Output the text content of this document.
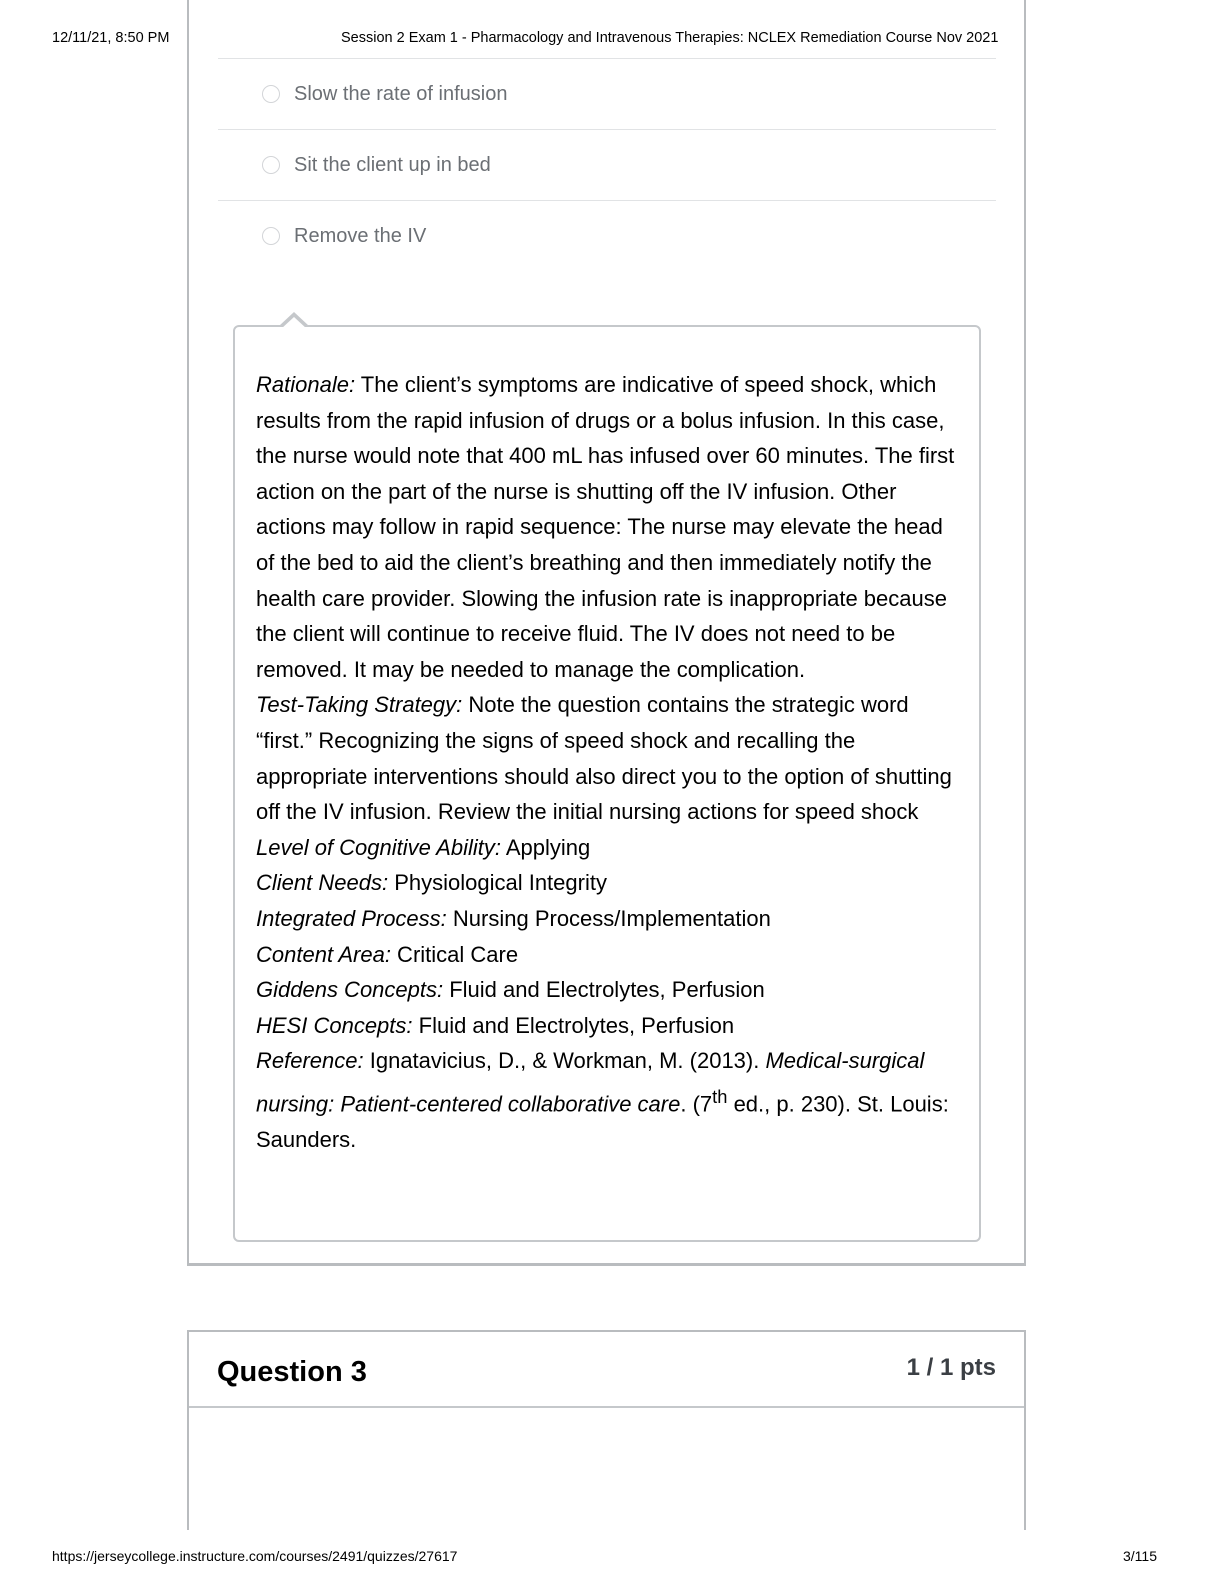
12/11/21, 8:50 PM	Session 2 Exam 1 - Pharmacology and Intravenous Therapies: NCLEX Remediation Course Nov 2021
Slow the rate of infusion
Sit the client up in bed
Remove the IV

Rationale: The client’s symptoms are indicative of speed shock, which results from the rapid infusion of drugs or a bolus infusion. In this case, the nurse would note that 400 mL has infused over 60 minutes. The first action on the part of the nurse is shutting off the IV infusion. Other actions may follow in rapid sequence: The nurse may elevate the head of the bed to aid the client’s breathing and then immediately notify the health care provider. Slowing the infusion rate is inappropriate because the client will continue to receive fluid. The IV does not need to be removed. It may be needed to manage the complication.

Test-Taking Strategy: Note the question contains the strategic word “first.” Recognizing the signs of speed shock and recalling the appropriate interventions should also direct you to the option of shutting off the IV infusion. Review the initial nursing actions for speed shock

Level of Cognitive Ability: Applying

Client Needs: Physiological Integrity

Integrated Process: Nursing Process/Implementation

Content Area: Critical Care

Giddens Concepts: Fluid and Electrolytes, Perfusion

HESI Concepts: Fluid and Electrolytes, Perfusion

Reference: Ignatavicius, D., & Workman, M. (2013). Medical-surgical nursing: Patient-centered collaborative care. (7th ed., p. 230). St. Louis: Saunders.

Question 3	1 / 1 pts
https://jerseycollege.instructure.com/courses/2491/quizzes/27617	3/115
